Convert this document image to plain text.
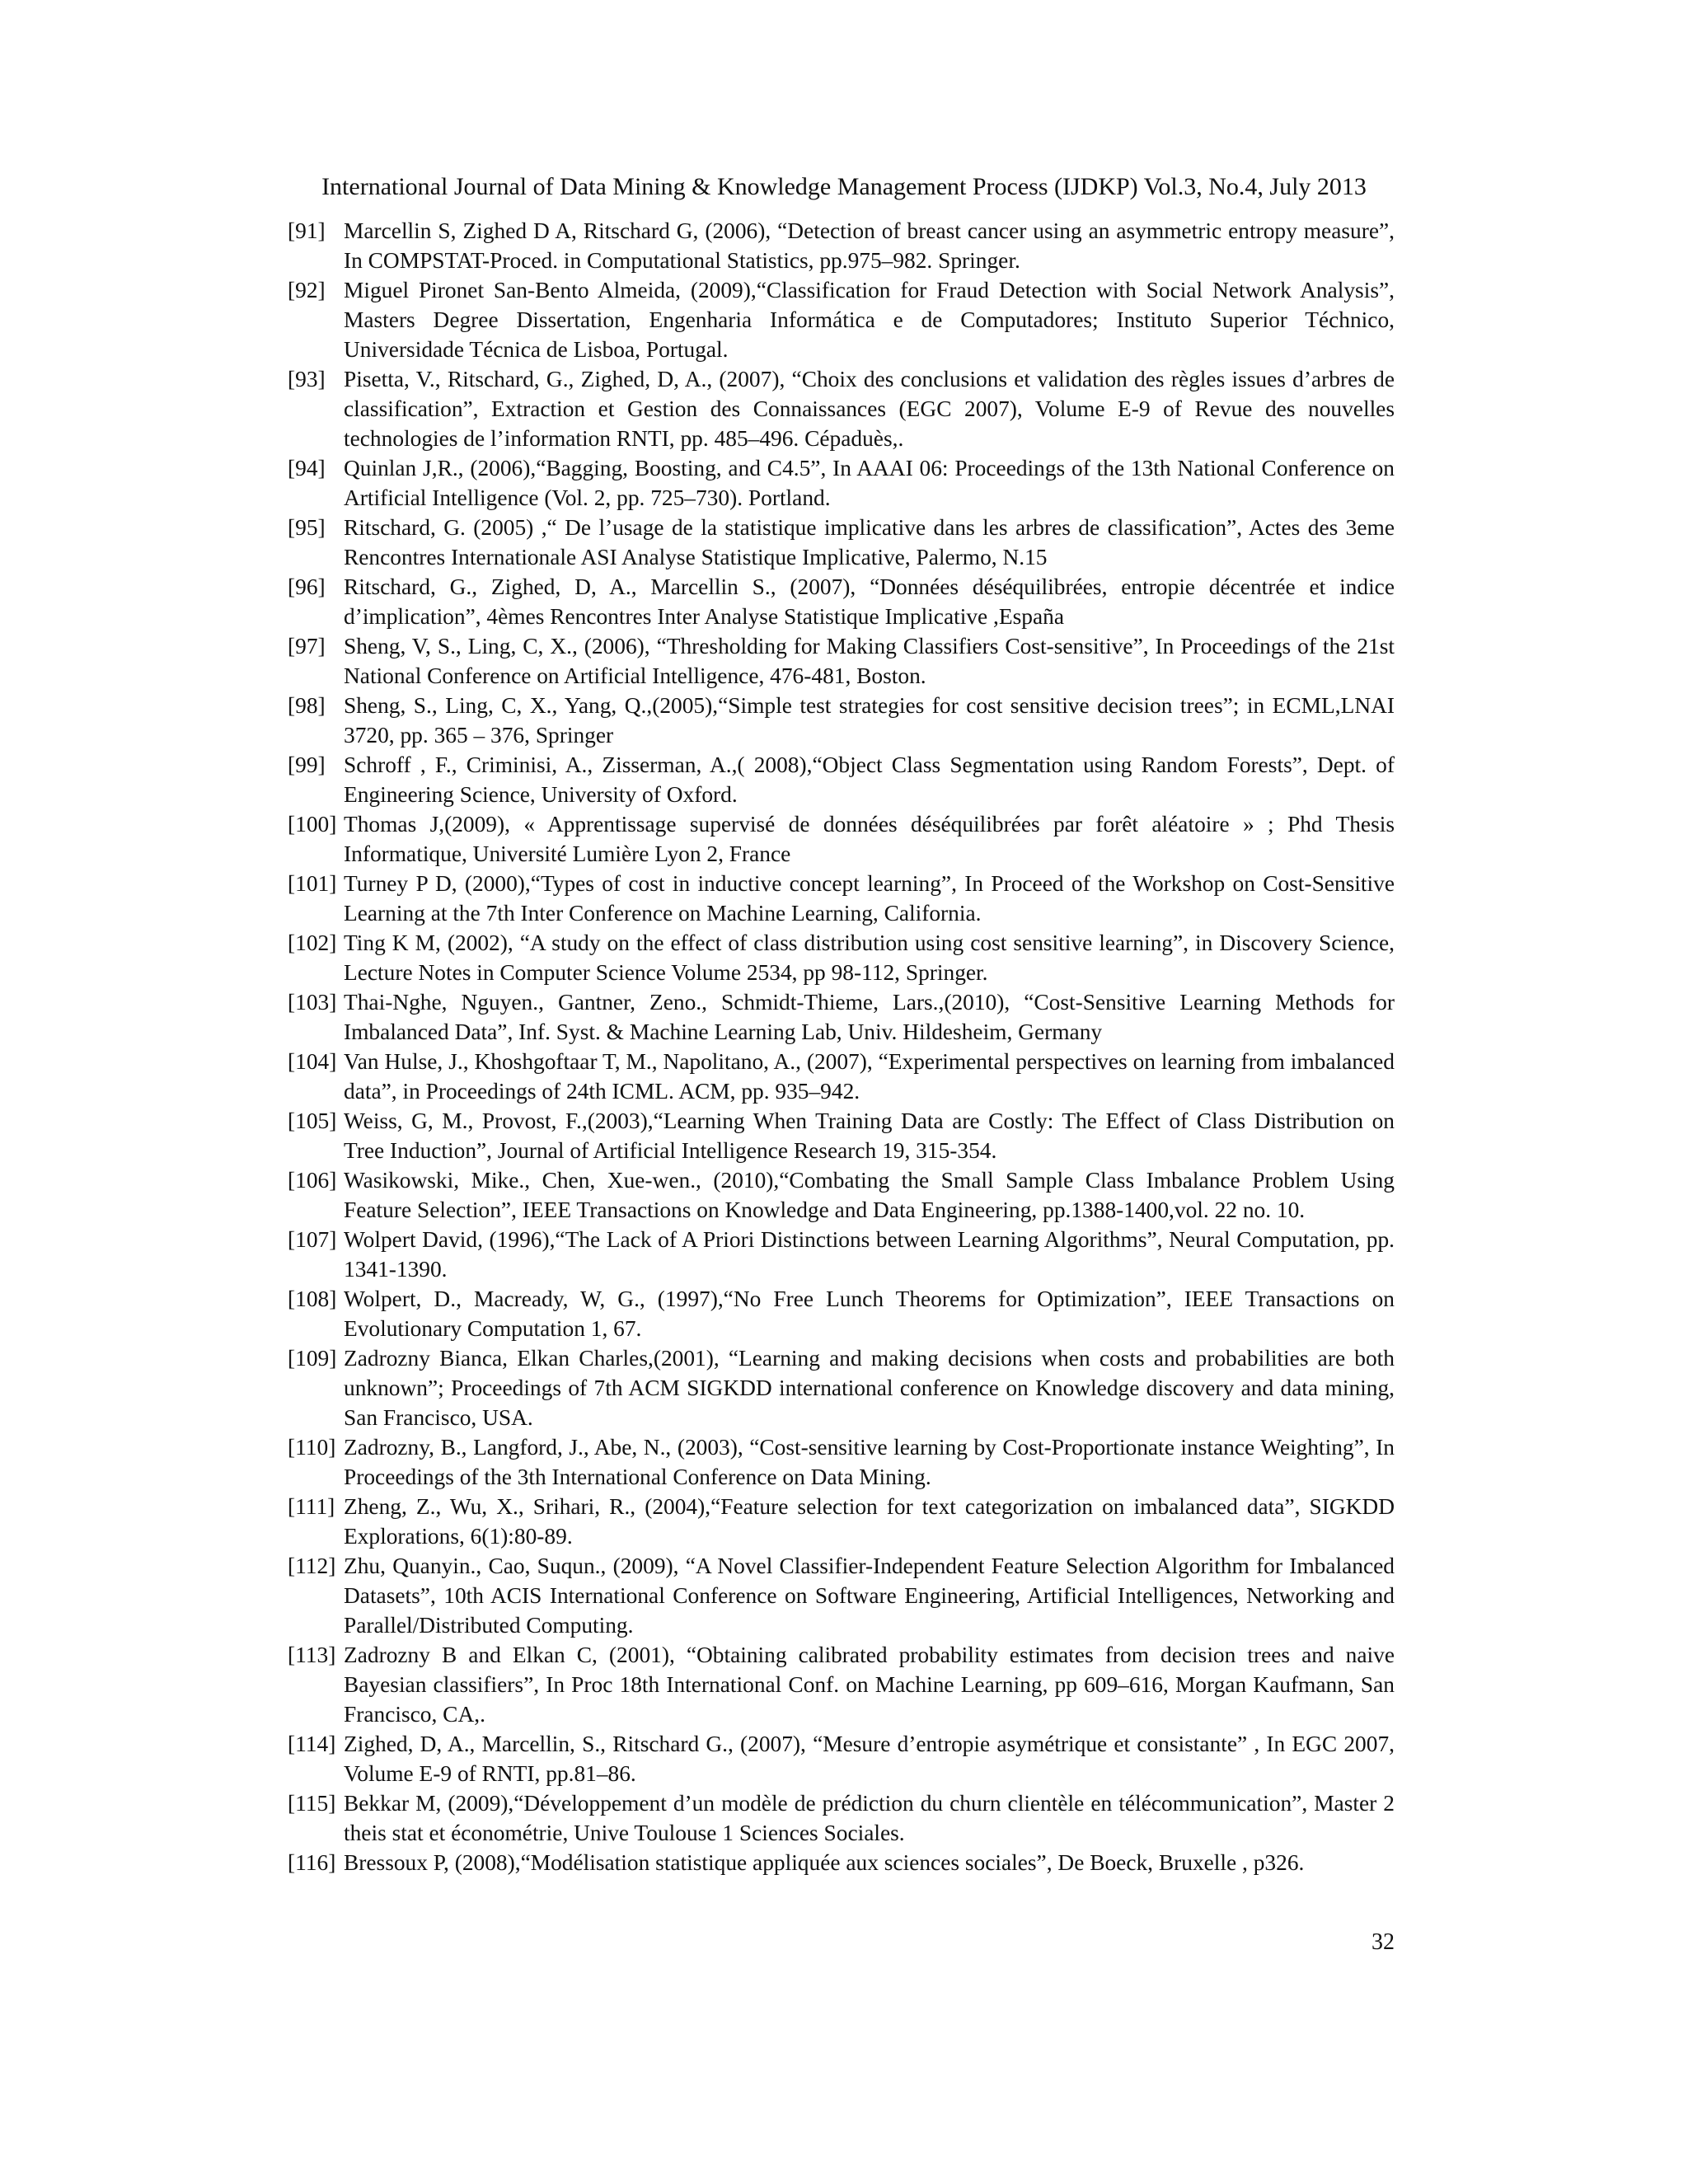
International Journal of Data Mining & Knowledge Management Process (IJDKP) Vol.3, No.4, July 2013
[91] Marcellin S, Zighed D A, Ritschard G, (2006), “Detection of breast cancer using an asymmetric entropy measure”, In COMPSTAT-Proced. in Computational Statistics, pp.975–982. Springer.
[92] Miguel Pironet San-Bento Almeida, (2009),“Classification for Fraud Detection with Social Network Analysis”, Masters Degree Dissertation, Engenharia Informática e de Computadores; Instituto Superior Téchnico, Universidade Técnica de Lisboa, Portugal.
[93] Pisetta, V., Ritschard, G., Zighed, D, A., (2007), “Choix des conclusions et validation des règles issues d’arbres de classification”, Extraction et Gestion des Connaissances (EGC 2007), Volume E-9 of Revue des nouvelles technologies de l’information RNTI, pp. 485–496. Cépaduès,.
[94] Quinlan J,R., (2006),“Bagging, Boosting, and C4.5”, In AAAI 06: Proceedings of the 13th National Conference on Artificial Intelligence (Vol. 2, pp. 725–730). Portland.
[95] Ritschard, G. (2005) ,“ De l’usage de la statistique implicative dans les arbres de classification”, Actes des 3eme Rencontres Internationale ASI Analyse Statistique Implicative, Palermo, N.15
[96] Ritschard, G., Zighed, D, A., Marcellin S., (2007), “Données déséquilibrées, entropie décentrée et indice d’implication”, 4èmes Rencontres Inter Analyse Statistique Implicative ,España
[97] Sheng, V, S., Ling, C, X., (2006), “Thresholding for Making Classifiers Cost-sensitive”, In Proceedings of the 21st National Conference on Artificial Intelligence, 476-481, Boston.
[98] Sheng, S., Ling, C, X., Yang, Q.,(2005),“Simple test strategies for cost sensitive decision trees”; in ECML,LNAI 3720, pp. 365 – 376, Springer
[99] Schroff , F., Criminisi, A., Zisserman, A.,( 2008),“Object Class Segmentation using Random Forests”, Dept. of Engineering Science, University of Oxford.
[100] Thomas J,(2009), « Apprentissage supervisé de données déséquilibrées par forêt aléatoire » ; Phd Thesis Informatique, Université Lumière Lyon 2, France
[101] Turney P D, (2000),“Types of cost in inductive concept learning”, In Proceed of the Workshop on Cost-Sensitive Learning at the 7th Inter Conference on Machine Learning, California.
[102] Ting K M, (2002), “A study on the effect of class distribution using cost sensitive learning”, in Discovery Science, Lecture Notes in Computer Science Volume 2534, pp 98-112, Springer.
[103] Thai-Nghe, Nguyen., Gantner, Zeno., Schmidt-Thieme, Lars.,(2010), “Cost-Sensitive Learning Methods for Imbalanced Data”, Inf. Syst. & Machine Learning Lab, Univ. Hildesheim, Germany
[104] Van Hulse, J., Khoshgoftaar T, M., Napolitano, A., (2007), “Experimental perspectives on learning from imbalanced data”, in Proceedings of 24th ICML. ACM, pp. 935–942.
[105] Weiss, G, M., Provost, F.,(2003),“Learning When Training Data are Costly: The Effect of Class Distribution on Tree Induction”, Journal of Artificial Intelligence Research 19, 315-354.
[106] Wasikowski, Mike., Chen, Xue-wen., (2010),“Combating the Small Sample Class Imbalance Problem Using Feature Selection”, IEEE Transactions on Knowledge and Data Engineering, pp.1388-1400,vol. 22 no. 10.
[107] Wolpert David, (1996),“The Lack of A Priori Distinctions between Learning Algorithms”, Neural Computation, pp. 1341-1390.
[108] Wolpert, D., Macready, W, G., (1997),“No Free Lunch Theorems for Optimization”, IEEE Transactions on Evolutionary Computation 1, 67.
[109] Zadrozny Bianca, Elkan Charles,(2001), “Learning and making decisions when costs and probabilities are both unknown”; Proceedings of 7th ACM SIGKDD international conference on Knowledge discovery and data mining, San Francisco, USA.
[110] Zadrozny, B., Langford, J., Abe, N., (2003), “Cost-sensitive learning by Cost-Proportionate instance Weighting”, In Proceedings of the 3th International Conference on Data Mining.
[111] Zheng, Z., Wu, X., Srihari, R., (2004),“Feature selection for text categorization on imbalanced data”, SIGKDD Explorations, 6(1):80-89.
[112] Zhu, Quanyin., Cao, Suqun., (2009), “A Novel Classifier-Independent Feature Selection Algorithm for Imbalanced Datasets”, 10th ACIS International Conference on Software Engineering, Artificial Intelligences, Networking and Parallel/Distributed Computing.
[113] Zadrozny B and Elkan C, (2001), “Obtaining calibrated probability estimates from decision trees and naive Bayesian classifiers”, In Proc 18th International Conf. on Machine Learning, pp 609–616, Morgan Kaufmann, San Francisco, CA,.
[114] Zighed, D, A., Marcellin, S., Ritschard G., (2007), “Mesure d’entropie asymétrique et consistante” , In EGC 2007, Volume E-9 of RNTI, pp.81–86.
[115] Bekkar M, (2009),“Développement d’un modèle de prédiction du churn clientèle en télécommunication”, Master 2 theis stat et économétrie, Unive Toulouse 1 Sciences Sociales.
[116] Bressoux P, (2008),“Modélisation statistique appliquée aux sciences sociales”, De Boeck, Bruxelle , p326.
32
